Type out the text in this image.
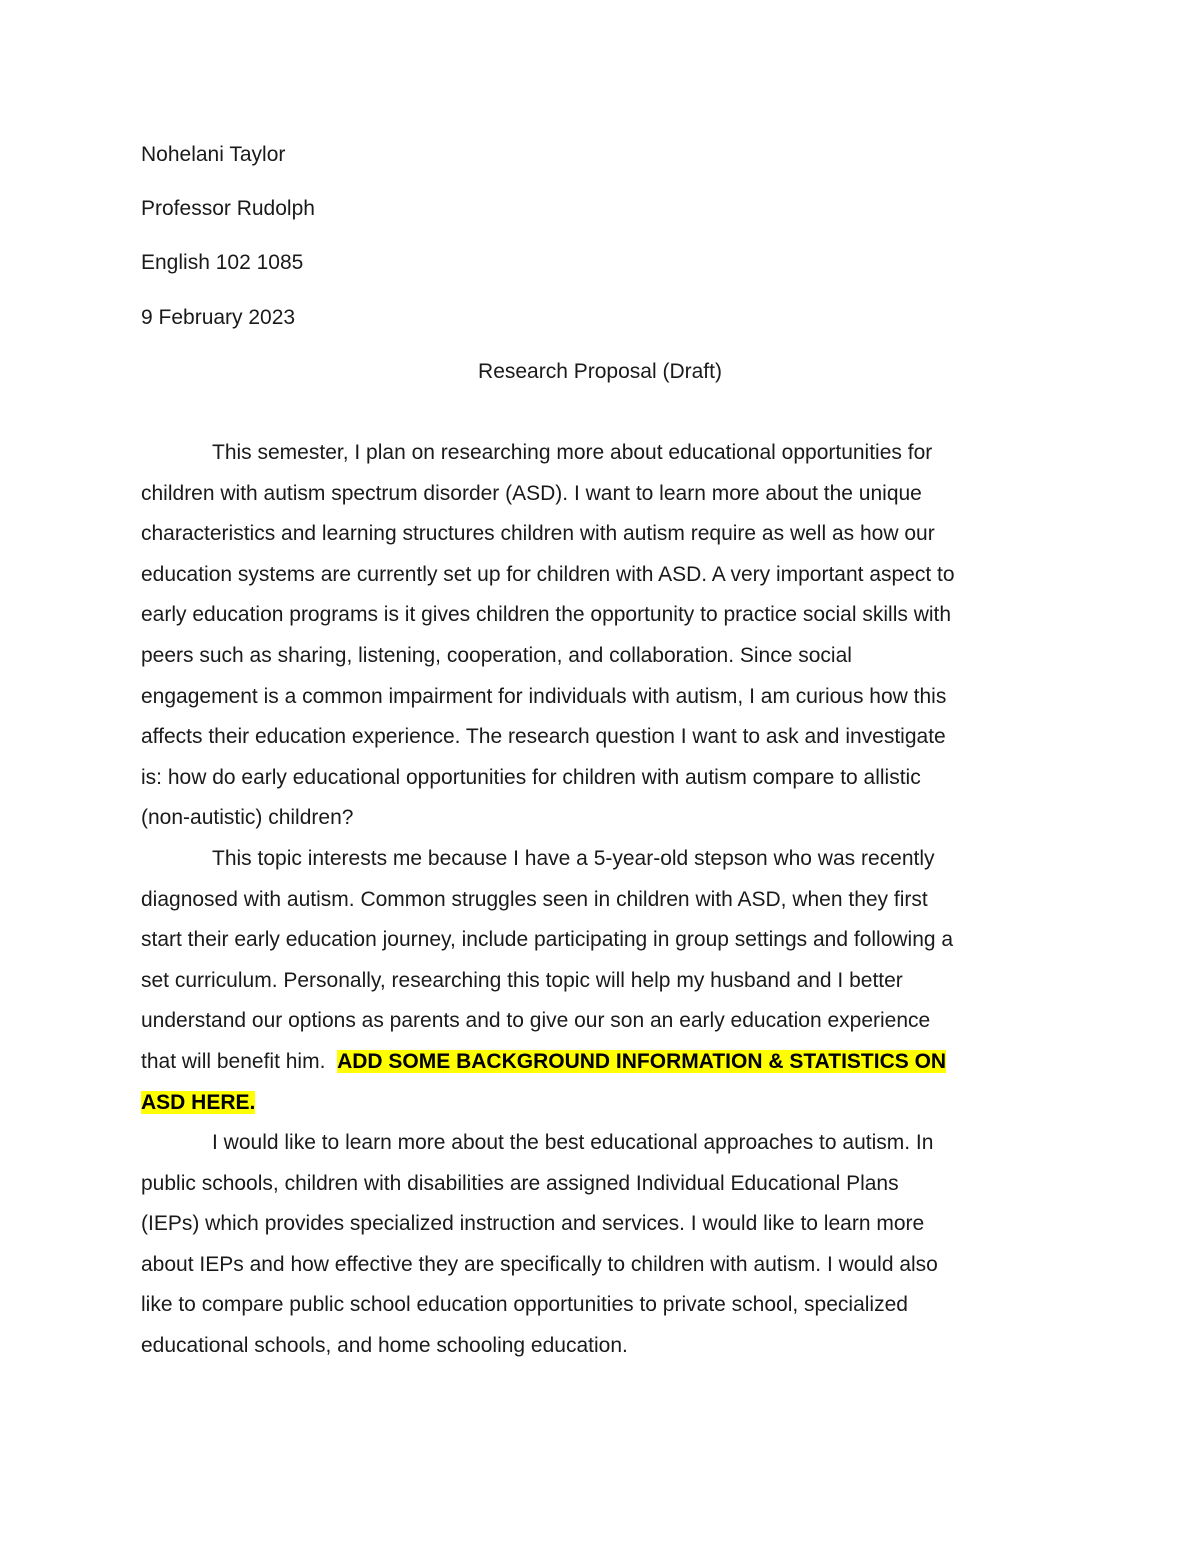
Nohelani Taylor
Professor Rudolph
English 102 1085
9 February 2023
Research Proposal (Draft)
This semester, I plan on researching more about educational opportunities for
children with autism spectrum disorder (ASD). I want to learn more about the unique
characteristics and learning structures children with autism require as well as how our
education systems are currently set up for children with ASD. A very important aspect to
early education programs is it gives children the opportunity to practice social skills with
peers such as sharing, listening, cooperation, and collaboration. Since social
engagement is a common impairment for individuals with autism, I am curious how this
affects their education experience. The research question I want to ask and investigate
is: how do early educational opportunities for children with autism compare to allistic
(non-autistic) children?
This topic interests me because I have a 5-year-old stepson who was recently
diagnosed with autism. Common struggles seen in children with ASD, when they first
start their early education journey, include participating in group settings and following a
set curriculum. Personally, researching this topic will help my husband and I better
understand our options as parents and to give our son an early education experience
that will benefit him.  ADD SOME BACKGROUND INFORMATION & STATISTICS ON
ASD HERE.
I would like to learn more about the best educational approaches to autism. In
public schools, children with disabilities are assigned Individual Educational Plans
(IEPs) which provides specialized instruction and services. I would like to learn more
about IEPs and how effective they are specifically to children with autism. I would also
like to compare public school education opportunities to private school, specialized
educational schools, and home schooling education.
